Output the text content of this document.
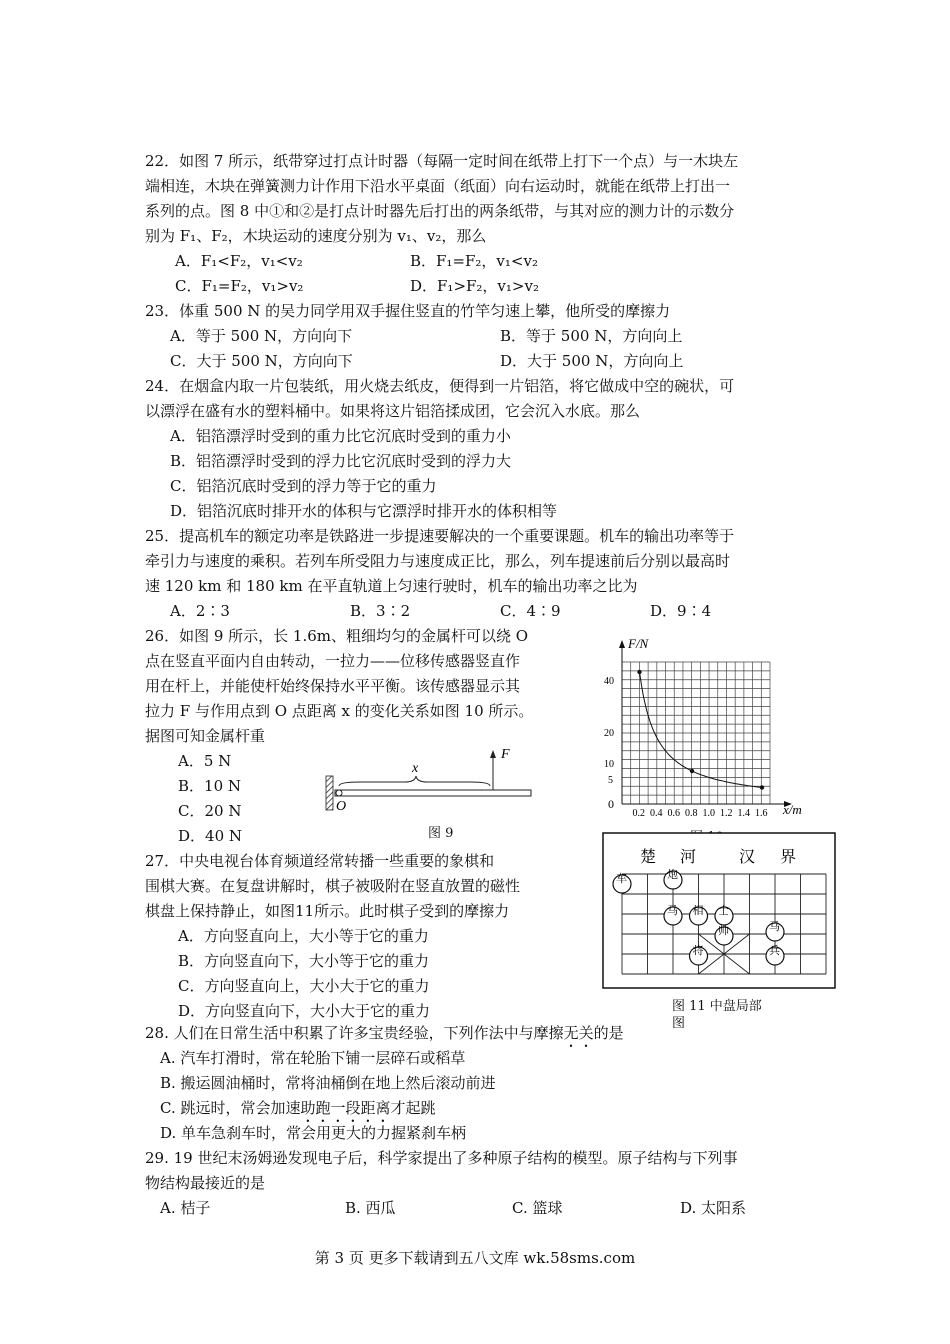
22．如图 7 所示，纸带穿过打点计时器（每隔一定时间在纸带上打下一个点）与一木块左
端相连，木块在弹簧测力计作用下沿水平桌面（纸面）向右运动时，就能在纸带上打出一
系列的点。图 8 中①和②是打点计时器先后打出的两条纸带，与其对应的测力计的示数分
别为 F₁、F₂，木块运动的速度分别为 v₁、v₂，那么
A．F₁<F₂，v₁<v₂	B．F₁=F₂，v₁<v₂
C．F₁=F₂，v₁>v₂	D．F₁>F₂，v₁>v₂
23．体重 500 N 的吴力同学用双手握住竖直的竹竿匀速上攀，他所受的摩擦力
A．等于 500 N，方向向下	B．等于 500 N，方向向上
C．大于 500 N，方向向下	D．大于 500 N，方向向上
24．在烟盒内取一片包装纸，用火烧去纸皮，便得到一片铝箔，将它做成中空的碗状，可
以漂浮在盛有水的塑料桶中。如果将这片铝箔揉成团，它会沉入水底。那么
A．铝箔漂浮时受到的重力比它沉底时受到的重力小
B．铝箔漂浮时受到的浮力比它沉底时受到的浮力大
C．铝箔沉底时受到的浮力等于它的重力
D．铝箔沉底时排开水的体积与它漂浮时排开水的体积相等
25．提高机车的额定功率是铁路进一步提速要解决的一个重要课题。机车的输出功率等于
牵引力与速度的乘积。若列车所受阻力与速度成正比，那么，列车提速前后分别以最高时
速 120 km 和 180 km 在平直轨道上匀速行驶时，机车的输出功率之比为
A．2∶3	B．3∶2	C．4∶9	D．9∶4
26．如图 9 所示，长 1.6m、粗细均匀的金属杆可以绕 O
点在竖直平面内自由转动，一拉力——位移传感器竖直作
用在杆上，并能使杆始终保持水平平衡。该传感器显示其
拉力 F 与作用点到 O 点距离 x 的变化关系如图 10 所示。
据图可知金属杆重
A．5 N
B．10 N
C．20 N
D．40 N
x
F
O
图 9
F/N
x/m
40
20
10
5
0
0.2 0.4 0.6 0.8 1.0 1.2 1.4 1.6
27．中央电视台体育频道经常转播一些重要的象棋和
围棋大赛。在复盘讲解时，棋子被吸附在竖直放置的磁性
棋盘上保持静止，如图11所示。此时棋子受到的摩擦力
A．方向竖直向上，大小等于它的重力
B．方向竖直向下，大小等于它的重力
C．方向竖直向上，大小大于它的重力
D．方向竖直向下，大小大于它的重力
楚 河	汉 界
车	炮
马 相 士
帅
将
马
兵
图 11 中盘局部
图
28. 人们在日常生活中积累了许多宝贵经验，下列作法中与摩擦无关的是
A. 汽车打滑时，常在轮胎下铺一层碎石或稻草
B. 搬运圆油桶时，常将油桶倒在地上然后滚动前进
C. 跳远时，常会加速助跑一段距离才起跳
D. 单车急刹车时，常会用更大的力握紧刹车柄
29. 19 世纪末汤姆逊发现电子后，科学家提出了多种原子结构的模型。原子结构与下列事
物结构最接近的是
A. 桔子	B. 西瓜	C. 篮球	D. 太阳系
第 3 页 更多下载请到五八文库 wk.58sms.com
